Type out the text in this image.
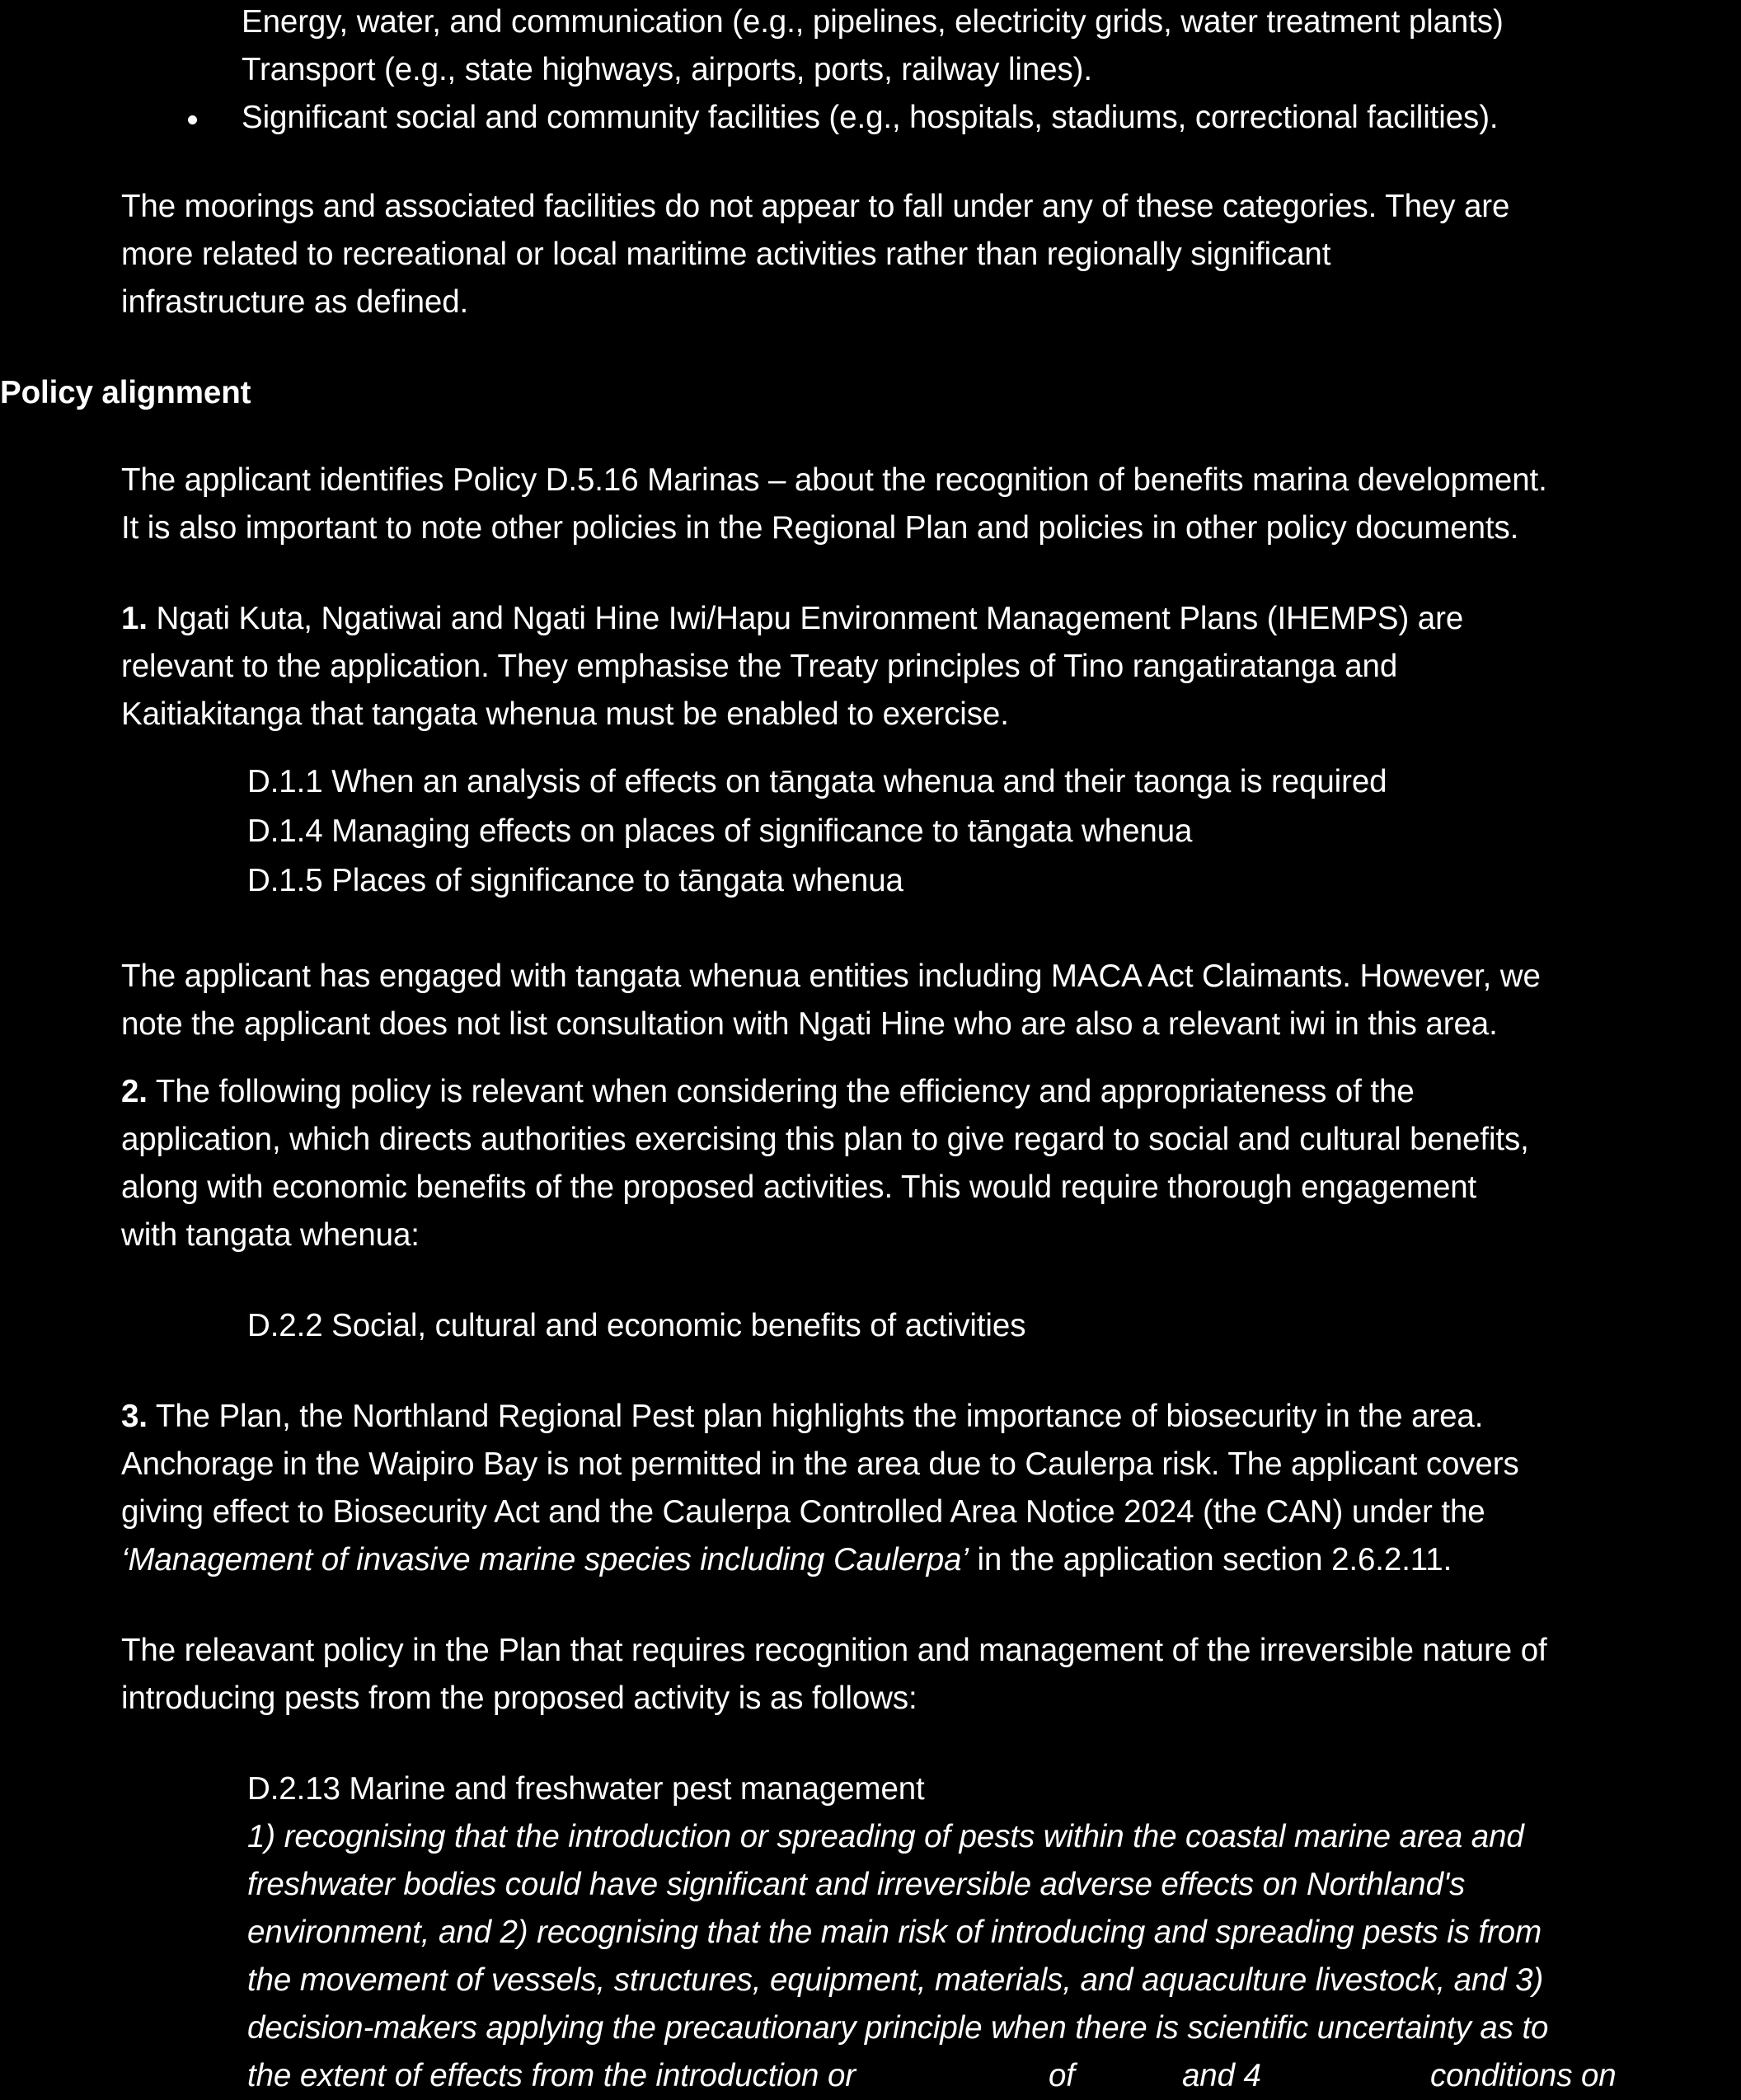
Energy, water, and communication (e.g., pipelines, electricity grids, water treatment plants)
Transport (e.g., state highways, airports, ports, railway lines).
Significant social and community facilities (e.g., hospitals, stadiums, correctional facilities).
The moorings and associated facilities do not appear to fall under any of these categories. They are
more related to recreational or local maritime activities rather than regionally significant
infrastructure as defined.
Policy alignment
The applicant identifies Policy D.5.16 Marinas – about the recognition of benefits marina development.
It is also important to note other policies in the Regional Plan and policies in other policy documents.
1. Ngati Kuta, Ngatiwai and Ngati Hine Iwi/Hapu Environment Management Plans (IHEMPS) are
relevant to the application. They emphasise the Treaty principles of Tino rangatiratanga and
Kaitiakitanga that tangata whenua must be enabled to exercise.
D.1.1 When an analysis of effects on tāngata whenua and their taonga is required
D.1.4 Managing effects on places of significance to tāngata whenua
D.1.5 Places of significance to tāngata whenua
The applicant has engaged with tangata whenua entities including MACA Act Claimants. However, we
note the applicant does not list consultation with Ngati Hine who are also a relevant iwi in this area.
2. The following policy is relevant when considering the efficiency and appropriateness of the
application, which directs authorities exercising this plan to give regard to social and cultural benefits,
along with economic benefits of the proposed activities. This would require thorough engagement
with tangata whenua:
D.2.2 Social, cultural and economic benefits of activities
3. The Plan, the Northland Regional Pest plan highlights the importance of biosecurity in the area.
Anchorage in the Waipiro Bay is not permitted in the area due to Caulerpa risk. The applicant covers
giving effect to Biosecurity Act and the Caulerpa Controlled Area Notice 2024 (the CAN) under the
‘Management of invasive marine species including Caulerpa’ in the application section 2.6.2.11.
The releavant policy in the Plan that requires recognition and management of the irreversible nature of
introducing pests from the proposed activity is as follows:
D.2.13 Marine and freshwater pest management
1) recognising that the introduction or spreading of pests within the coastal marine area and
freshwater bodies could have significant and irreversible adverse effects on Northland's
environment, and 2) recognising that the main risk of introducing and spreading pests is from
the movement of vessels, structures, equipment, materials, and aquaculture livestock, and 3)
decision-makers applying the precautionary principle when there is scientific uncertainty as to
the extent of effects from the introduction or	of	and 4	conditions on
